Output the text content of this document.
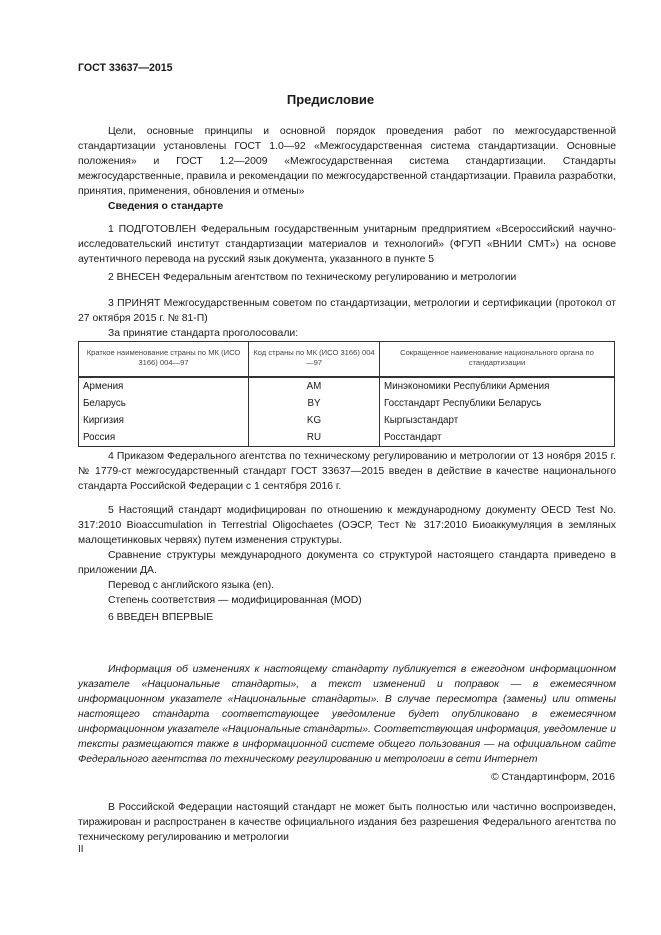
ГОСТ 33637—2015
Предисловие

Цели, основные принципы и основной порядок проведения работ по межгосударственной стандартизации установлены ГОСТ 1.0—92 «Межгосударственная система стандартизации. Основные положения» и ГОСТ 1.2—2009 «Межгосударственная система стандартизации. Стандарты межгосударственные, правила и рекомендации по межгосударственной стандартизации. Правила разработки, принятия, применения, обновления и отмены»

Сведения о стандарте

1 ПОДГОТОВЛЕН Федеральным государственным унитарным предприятием «Всероссийский научно-исследовательский институт стандартизации материалов и технологий» (ФГУП «ВНИИ СМТ») на основе аутентичного перевода на русский язык документа, указанного в пункте 5

2 ВНЕСЕН Федеральным агентством по техническому регулированию и метрологии

3 ПРИНЯТ Межгосударственным советом по стандартизации, метрологии и сертификации (протокол от 27 октября 2015 г. № 81-П)

За принятие стандарта проголосовали:

Краткое наименование страны по МК (ИСО 3166) 004—97	Код страны по МК (ИСО 3166) 004—97	Сокращенное наименование национального органа по стандартизации
Армения	AM	Минэкономики Республики Армения
Беларусь	BY	Госстандарт Республики Беларусь
Киргизия	KG	Кыргызстандарт
Россия	RU	Росстандарт

4 Приказом Федерального агентства по техническому регулированию и метрологии от 13 ноября 2015 г. № 1779-ст межгосударственный стандарт ГОСТ 33637—2015 введен в действие в качестве национального стандарта Российской Федерации с 1 сентября 2016 г.

5 Настоящий стандарт модифицирован по отношению к международному документу OECD Test No. 317:2010 Bioaccumulation in Terrestrial Oligochaetes (ОЭСР, Тест № 317:2010 Биоаккумуляция в земляных малощетинковых червях) путем изменения структуры.

Сравнение структуры международного документа со структурой настоящего стандарта приведено в приложении ДА.

Перевод с английского языка (en).

Степень соответствия — модифицированная (MOD)

6 ВВЕДЕН ВПЕРВЫЕ

Информация об изменениях к настоящему стандарту публикуется в ежегодном информационном указателе «Национальные стандарты», а текст изменений и поправок — в ежемесячном информационном указателе «Национальные стандарты». В случае пересмотра (замены) или отмены настоящего стандарта соответствующее уведомление будет опубликовано в ежемесячном информационном указателе «Национальные стандарты». Соответствующая информация, уведомление и тексты размещаются также в информационной системе общего пользования — на официальном сайте Федерального агентства по техническому регулированию и метрологии в сети Интернет

© Стандартинформ, 2016

В Российской Федерации настоящий стандарт не может быть полностью или частично воспроизведен, тиражирован и распространен в качестве официального издания без разрешения Федерального агентства по техническому регулированию и метрологии

II
